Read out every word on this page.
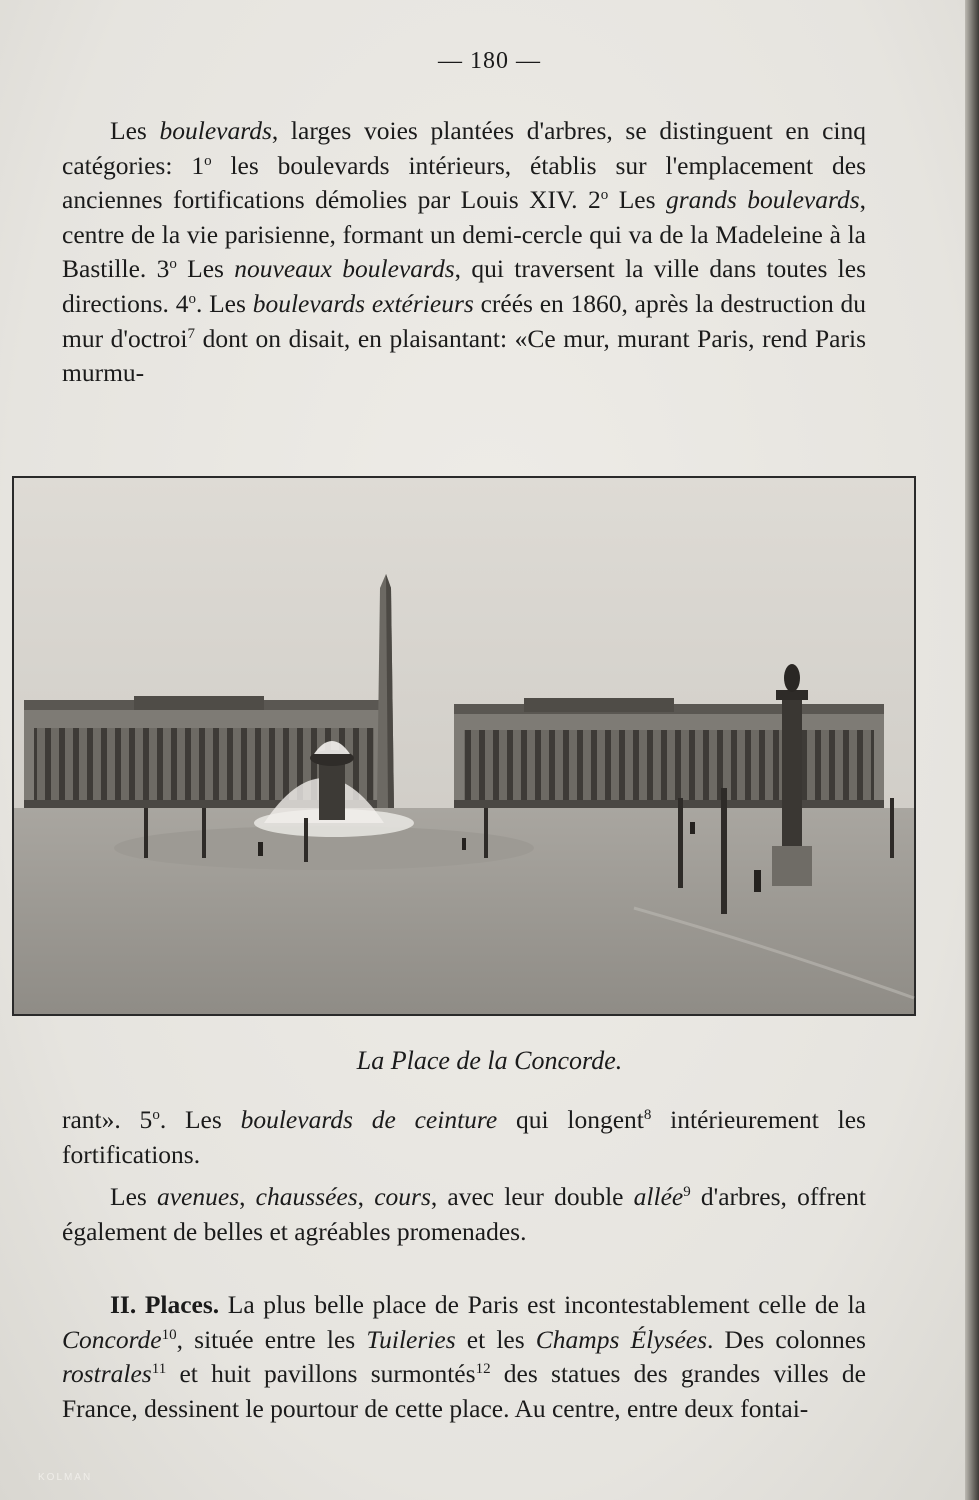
— 180 —
Les boulevards, larges voies plantées d'arbres, se distinguent en cinq catégories: 1$^o$ les boulevards intérieurs, établis sur l'emplacement des anciennes fortifications démolies par Louis XIV. 2$^o$ Les grands boulevards, centre de la vie parisienne, formant un demi-cercle qui va de la Madeleine à la Bastille. 3$^o$ Les nouveaux boulevards, qui traversent la ville dans toutes les directions. 4$^o$. Les boulevards extérieurs créés en 1860, après la destruction du mur d'octroi$^7$ dont on disait, en plaisantant: «Ce mur, murant Paris, rend Paris murmu-
KOLMAN
La Place de la Concorde.
rant». 5$^o$. Les boulevards de ceinture qui longent$^8$ intérieurement les fortifications.
Les avenues, chaussées, cours, avec leur double allée$^9$ d'arbres, offrent également de belles et agréables promenades.
II. Places. La plus belle place de Paris est incontestablement celle de la Concorde$^{10}$, située entre les Tuileries et les Champs Élysées. Des colonnes rostrales$^{11}$ et huit pavillons surmontés$^{12}$ des statues des grandes villes de France, dessinent le pourtour de cette place. Au centre, entre deux fontai-
